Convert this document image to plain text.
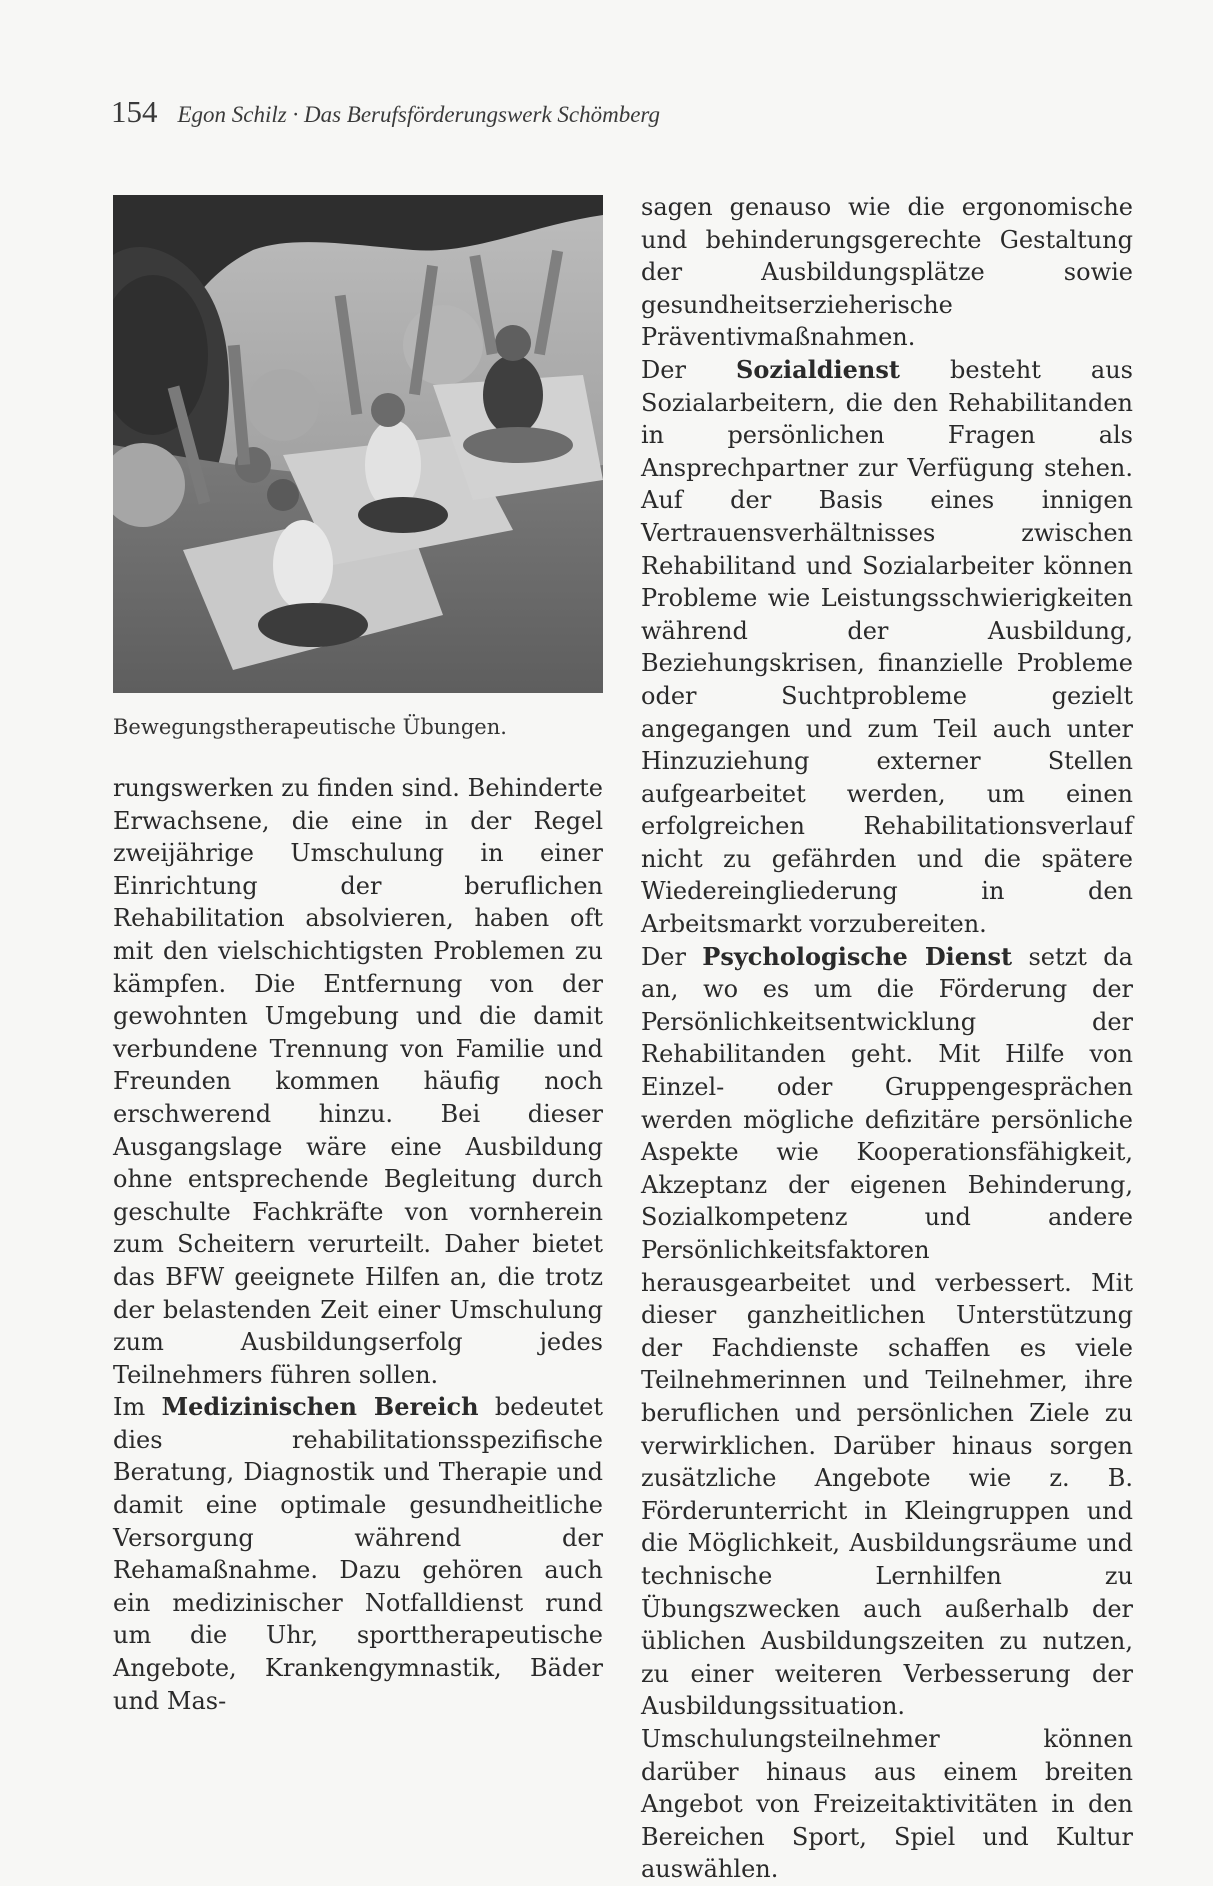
154 Egon Schilz · Das Berufsförderungswerk Schömberg
Bewegungstherapeutische Übungen.

rungswerken zu finden sind. Behinderte Erwachsene, die eine in der Regel zweijährige Umschulung in einer Einrichtung der beruflichen Rehabilitation absolvieren, haben oft mit den vielschichtigsten Problemen zu kämpfen. Die Entfernung von der gewohnten Umgebung und die damit verbundene Trennung von Familie und Freunden kommen häufig noch erschwerend hinzu. Bei dieser Ausgangslage wäre eine Ausbildung ohne entsprechende Begleitung durch geschulte Fachkräfte von vornherein zum Scheitern verurteilt. Daher bietet das BFW geeignete Hilfen an, die trotz der belastenden Zeit einer Umschulung zum Ausbildungserfolg jedes Teilnehmers führen sollen.

Im Medizinischen Bereich bedeutet dies rehabilitationsspezifische Beratung, Diagnostik und Therapie und damit eine optimale gesundheitliche Versorgung während der Rehamaßnahme. Dazu gehören auch ein medizinischer Notfalldienst rund um die Uhr, sporttherapeutische Angebote, Krankengymnastik, Bäder und Mas-

sagen genauso wie die ergonomische und behinderungsgerechte Gestaltung der Ausbildungsplätze sowie gesundheitserzieherische Präventivmaßnahmen.

Der Sozialdienst besteht aus Sozialarbeitern, die den Rehabilitanden in persönlichen Fragen als Ansprechpartner zur Verfügung stehen. Auf der Basis eines innigen Vertrauensverhältnisses zwischen Rehabilitand und Sozialarbeiter können Probleme wie Leistungsschwierigkeiten während der Ausbildung, Beziehungskrisen, finanzielle Probleme oder Suchtprobleme gezielt angegangen und zum Teil auch unter Hinzuziehung externer Stellen aufgearbeitet werden, um einen erfolgreichen Rehabilitationsverlauf nicht zu gefährden und die spätere Wiedereingliederung in den Arbeitsmarkt vorzubereiten.

Der Psychologische Dienst setzt da an, wo es um die Förderung der Persönlichkeitsentwicklung der Rehabilitanden geht. Mit Hilfe von Einzel- oder Gruppengesprächen werden mögliche defizitäre persönliche Aspekte wie Kooperationsfähigkeit, Akzeptanz der eigenen Behinderung, Sozialkompetenz und andere Persönlichkeitsfaktoren herausgearbeitet und verbessert. Mit dieser ganzheitlichen Unterstützung der Fachdienste schaffen es viele Teilnehmerinnen und Teilnehmer, ihre beruflichen und persönlichen Ziele zu verwirklichen. Darüber hinaus sorgen zusätzliche Angebote wie z. B. Förderunterricht in Kleingruppen und die Möglichkeit, Ausbildungsräume und technische Lernhilfen zu Übungszwecken auch außerhalb der üblichen Ausbildungszeiten zu nutzen, zu einer weiteren Verbesserung der Ausbildungssituation. Umschulungsteilnehmer können darüber hinaus aus einem breiten Angebot von Freizeitaktivitäten in den Bereichen Sport, Spiel und Kultur auswählen.
